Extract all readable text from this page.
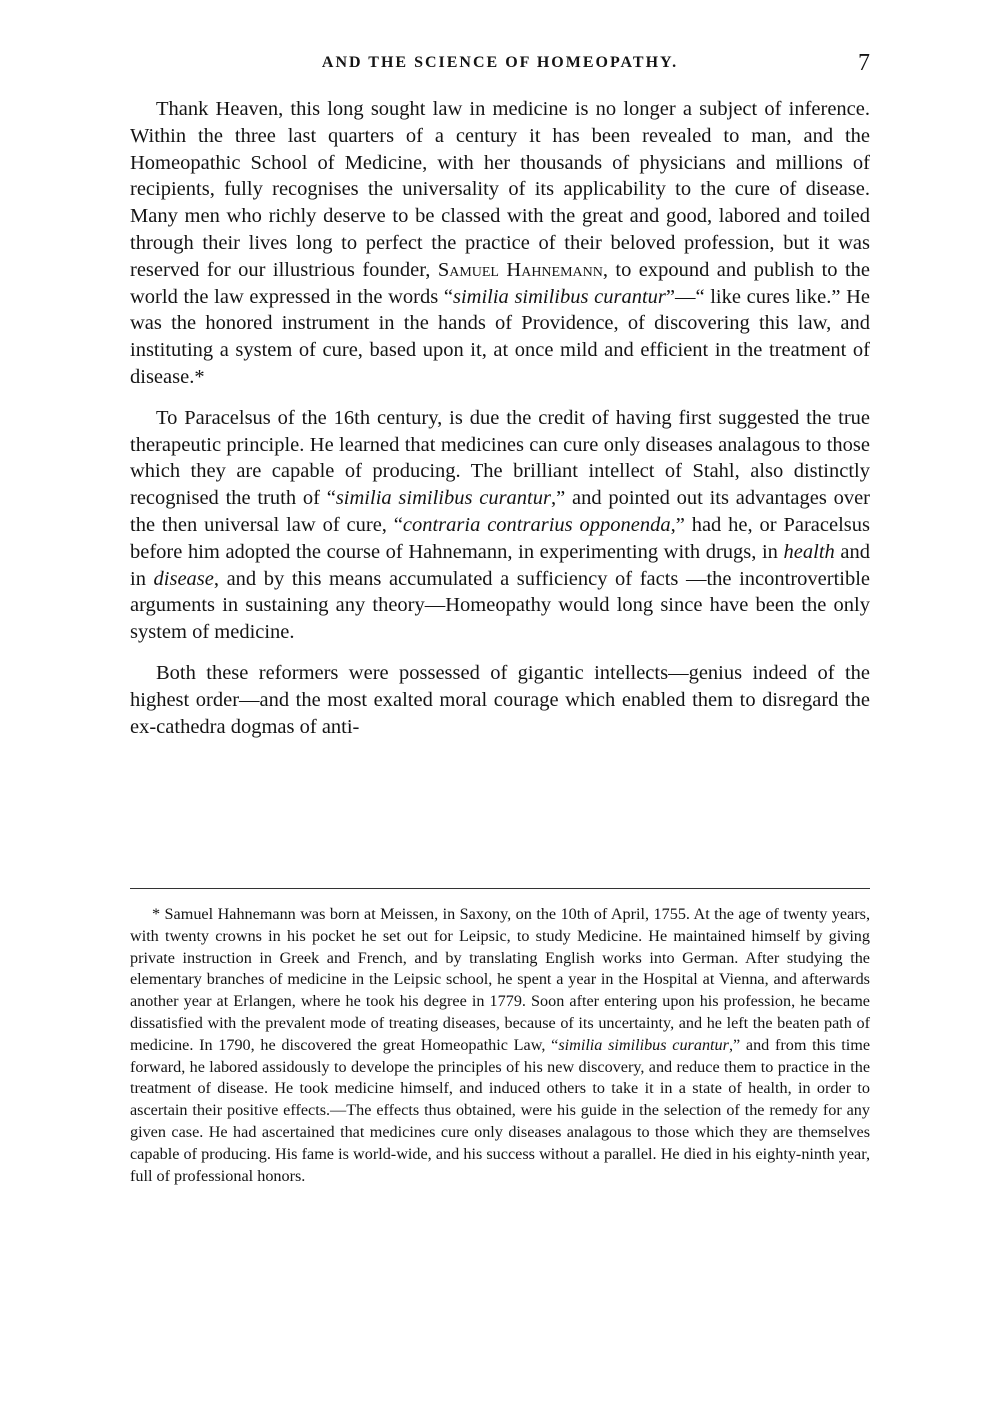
AND THE SCIENCE OF HOMEOPATHY.	7

Thank Heaven, this long sought law in medicine is no longer a subject of inference. Within the three last quarters of a century it has been revealed to man, and the Homeopathic School of Medicine, with her thousands of physicians and millions of recipients, fully recognises the universality of its applicability to the cure of disease. Many men who richly deserve to be classed with the great and good, labored and toiled through their lives long to perfect the practice of their beloved profession, but it was reserved for our illustrious founder, Samuel Hahnemann, to expound and publish to the world the law expressed in the words “similia similibus curantur”—“ like cures like.” He was the honored instrument in the hands of Providence, of discovering this law, and instituting a system of cure, based upon it, at once mild and efficient in the treatment of disease.*

To Paracelsus of the 16th century, is due the credit of having first suggested the true therapeutic principle. He learned that medicines can cure only diseases analagous to those which they are capable of producing. The brilliant intellect of Stahl, also distinctly recognised the truth of “similia similibus curantur,” and pointed out its advantages over the then universal law of cure, “contraria contrarius opponenda,” had he, or Paracelsus before him adopted the course of Hahnemann, in experimenting with drugs, in health and in disease, and by this means accumulated a sufficiency of facts —the incontrovertible arguments in sustaining any theory—Homeopathy would long since have been the only system of medicine.

Both these reformers were possessed of gigantic intellects—genius indeed of the highest order—and the most exalted moral courage which enabled them to disregard the ex-cathedra dogmas of anti-

* Samuel Hahnemann was born at Meissen, in Saxony, on the 10th of April, 1755. At the age of twenty years, with twenty crowns in his pocket he set out for Leipsic, to study Medicine. He maintained himself by giving private instruction in Greek and French, and by translating English works into German. After studying the elementary branches of medicine in the Leipsic school, he spent a year in the Hospital at Vienna, and afterwards another year at Erlangen, where he took his degree in 1779. Soon after entering upon his profession, he became dissatisfied with the prevalent mode of treating diseases, because of its uncertainty, and he left the beaten path of medicine. In 1790, he discovered the great Homeopathic Law, “similia similibus curantur,” and from this time forward, he labored assidously to develope the principles of his new discovery, and reduce them to practice in the treatment of disease. He took medicine himself, and induced others to take it in a state of health, in order to ascertain their positive effects.—The effects thus obtained, were his guide in the selection of the remedy for any given case. He had ascertained that medicines cure only diseases analagous to those which they are themselves capable of producing. His fame is world-wide, and his success without a parallel. He died in his eighty-ninth year, full of professional honors.
